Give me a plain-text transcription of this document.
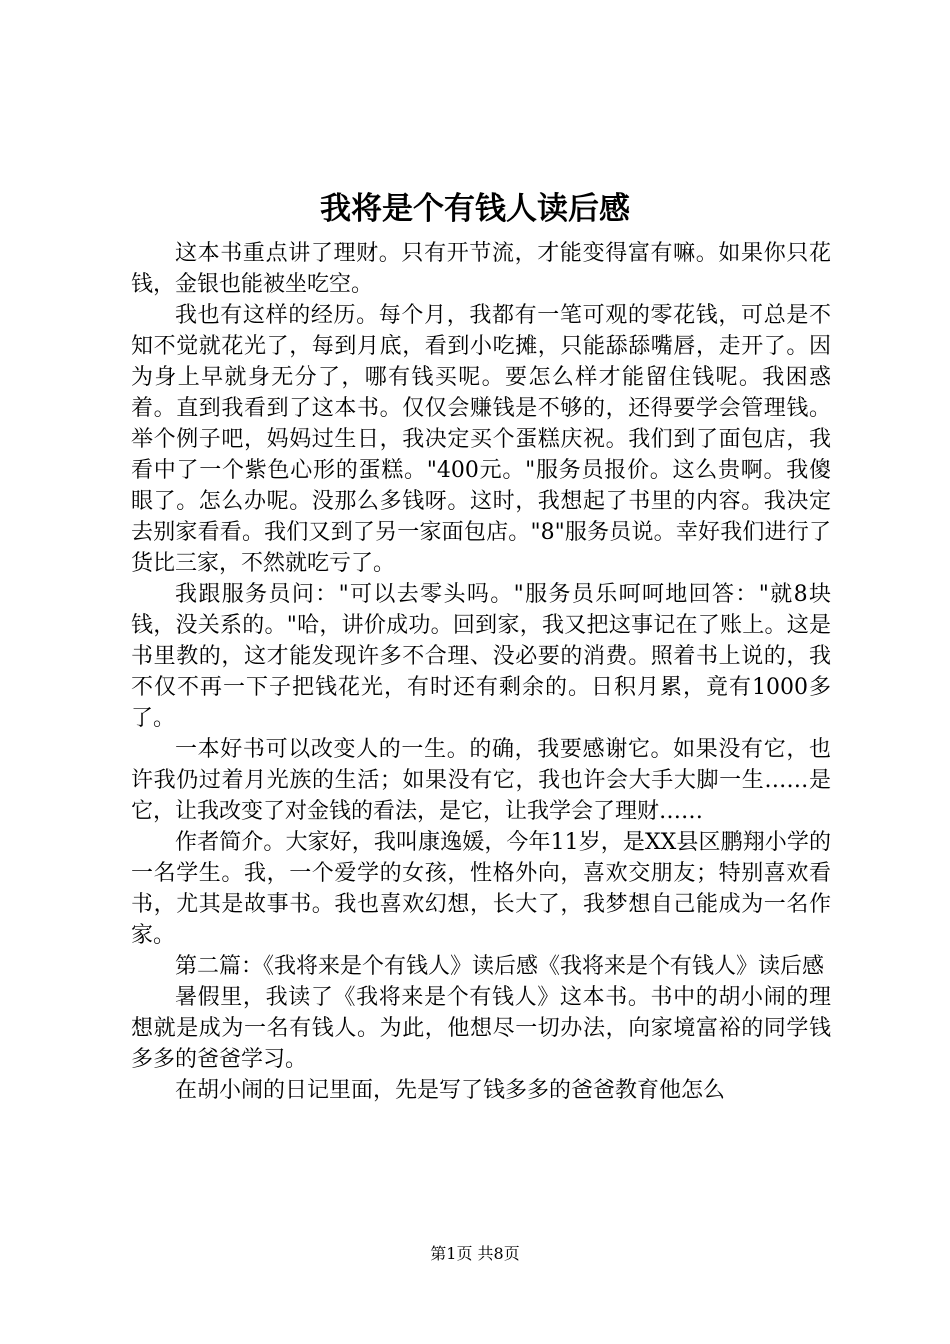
我将是个有钱人读后感

这本书重点讲了理财。只有开节流，才能变得富有嘛。如果你只花钱，金银也能被坐吃空。

我也有这样的经历。每个月，我都有一笔可观的零花钱，可总是不知不觉就花光了，每到月底，看到小吃摊，只能舔舔嘴唇，走开了。因为身上早就身无分了，哪有钱买呢。要怎么样才能留住钱呢。我困惑着。直到我看到了这本书。仅仅会赚钱是不够的，还得要学会管理钱。举个例子吧，妈妈过生日，我决定买个蛋糕庆祝。我们到了面包店，我看中了一个紫色心形的蛋糕。"400元。"服务员报价。这么贵啊。我傻眼了。怎么办呢。没那么多钱呀。这时，我想起了书里的内容。我决定去别家看看。我们又到了另一家面包店。"8"服务员说。幸好我们进行了货比三家，不然就吃亏了。

我跟服务员问："可以去零头吗。"服务员乐呵呵地回答："就8块钱，没关系的。"哈，讲价成功。回到家，我又把这事记在了账上。这是书里教的，这才能发现许多不合理、没必要的消费。照着书上说的，我不仅不再一下子把钱花光，有时还有剩余的。日积月累，竟有1000多了。

一本好书可以改变人的一生。的确，我要感谢它。如果没有它，也许我仍过着月光族的生活；如果没有它，我也许会大手大脚一生……是它，让我改变了对金钱的看法，是它，让我学会了理财……

作者简介。大家好，我叫康逸媛，今年11岁，是XX县区鹏翔小学的一名学生。我，一个爱学的女孩，性格外向，喜欢交朋友；特别喜欢看书，尤其是故事书。我也喜欢幻想，长大了，我梦想自己能成为一名作家。

第二篇：《我将来是个有钱人》读后感《我将来是个有钱人》读后感

暑假里，我读了《我将来是个有钱人》这本书。书中的胡小闹的理想就是成为一名有钱人。为此，他想尽一切办法，向家境富裕的同学钱多多的爸爸学习。

在胡小闹的日记里面，先是写了钱多多的爸爸教育他怎么

第1页 共8页
